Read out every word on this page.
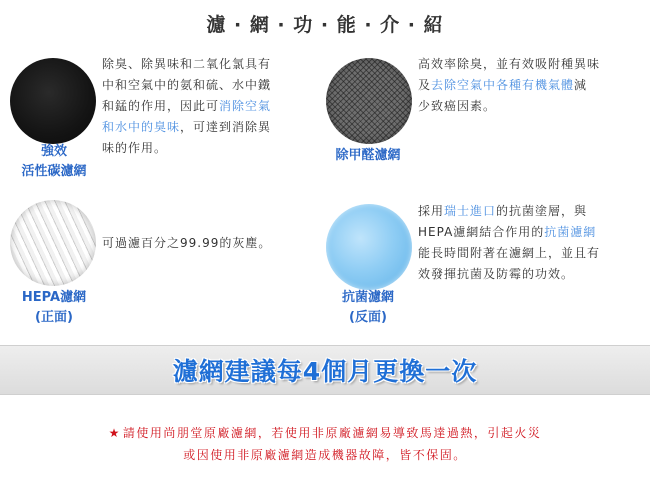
濾 · 網 · 功 · 能 · 介 · 紹
強效
活性碳濾網
除臭、除異味和二氧化氯具有
中和空氣中的氨和硫、水中鐵
和錳的作用，因此可消除空氣
和水中的臭味，可達到消除異
味的作用。	除甲醛濾網
高效率除臭，並有效吸附種異味
及去除空氣中各種有機氣體減
少致癌因素。
HEPA濾網
(正面)
可過濾百分之99.99的灰塵。
抗菌濾網
(反面)
採用瑞士進口的抗菌塗層，與
HEPA濾網結合作用的抗菌濾網
能長時間附著在濾網上，並且有
效發揮抗菌及防霉的功效。
濾網建議每4個月更換一次
★ 請使用尚朋堂原廠濾網，若使用非原廠濾網易導致馬達過熱，引起火災
或因使用非原廠濾網造成機器故障，皆不保固。
